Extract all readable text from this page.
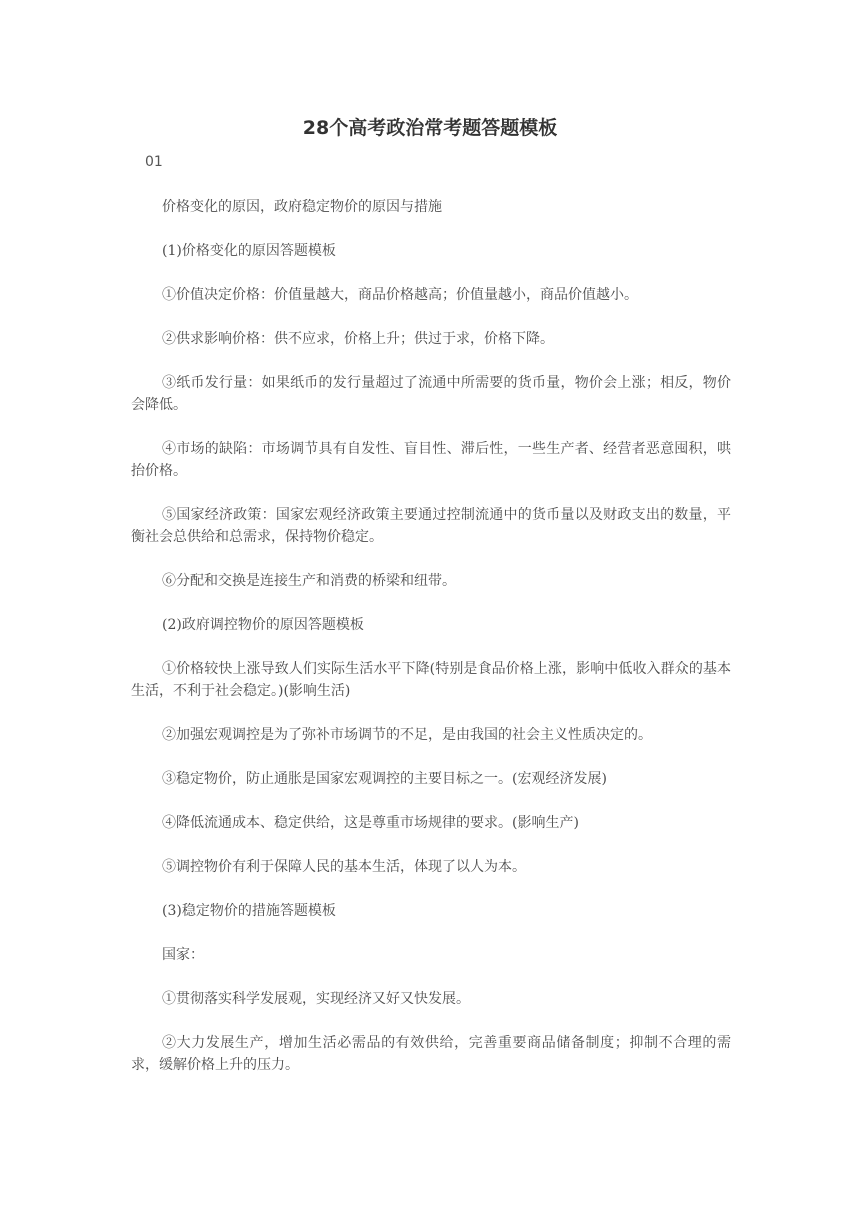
28个高考政治常考题答题模板
01

价格变化的原因，政府稳定物价的原因与措施

(1)价格变化的原因答题模板

①价值决定价格：价值量越大，商品价格越高；价值量越小，商品价值越小。

②供求影响价格：供不应求，价格上升；供过于求，价格下降。

③纸币发行量：如果纸币的发行量超过了流通中所需要的货币量，物价会上涨；相反，物价会降低。

④市场的缺陷：市场调节具有自发性、盲目性、滞后性，一些生产者、经营者恶意囤积，哄抬价格。

⑤国家经济政策：国家宏观经济政策主要通过控制流通中的货币量以及财政支出的数量，平衡社会总供给和总需求，保持物价稳定。

⑥分配和交换是连接生产和消费的桥梁和纽带。

(2)政府调控物价的原因答题模板

①价格较快上涨导致人们实际生活水平下降(特别是食品价格上涨，影响中低收入群众的基本生活，不利于社会稳定。)(影响生活)

②加强宏观调控是为了弥补市场调节的不足，是由我国的社会主义性质决定的。

③稳定物价，防止通胀是国家宏观调控的主要目标之一。(宏观经济发展)

④降低流通成本、稳定供给，这是尊重市场规律的要求。(影响生产)

⑤调控物价有利于保障人民的基本生活，体现了以人为本。

(3)稳定物价的措施答题模板

国家：

①贯彻落实科学发展观，实现经济又好又快发展。

②大力发展生产，增加生活必需品的有效供给，完善重要商品储备制度；抑制不合理的需求，缓解价格上升的压力。
